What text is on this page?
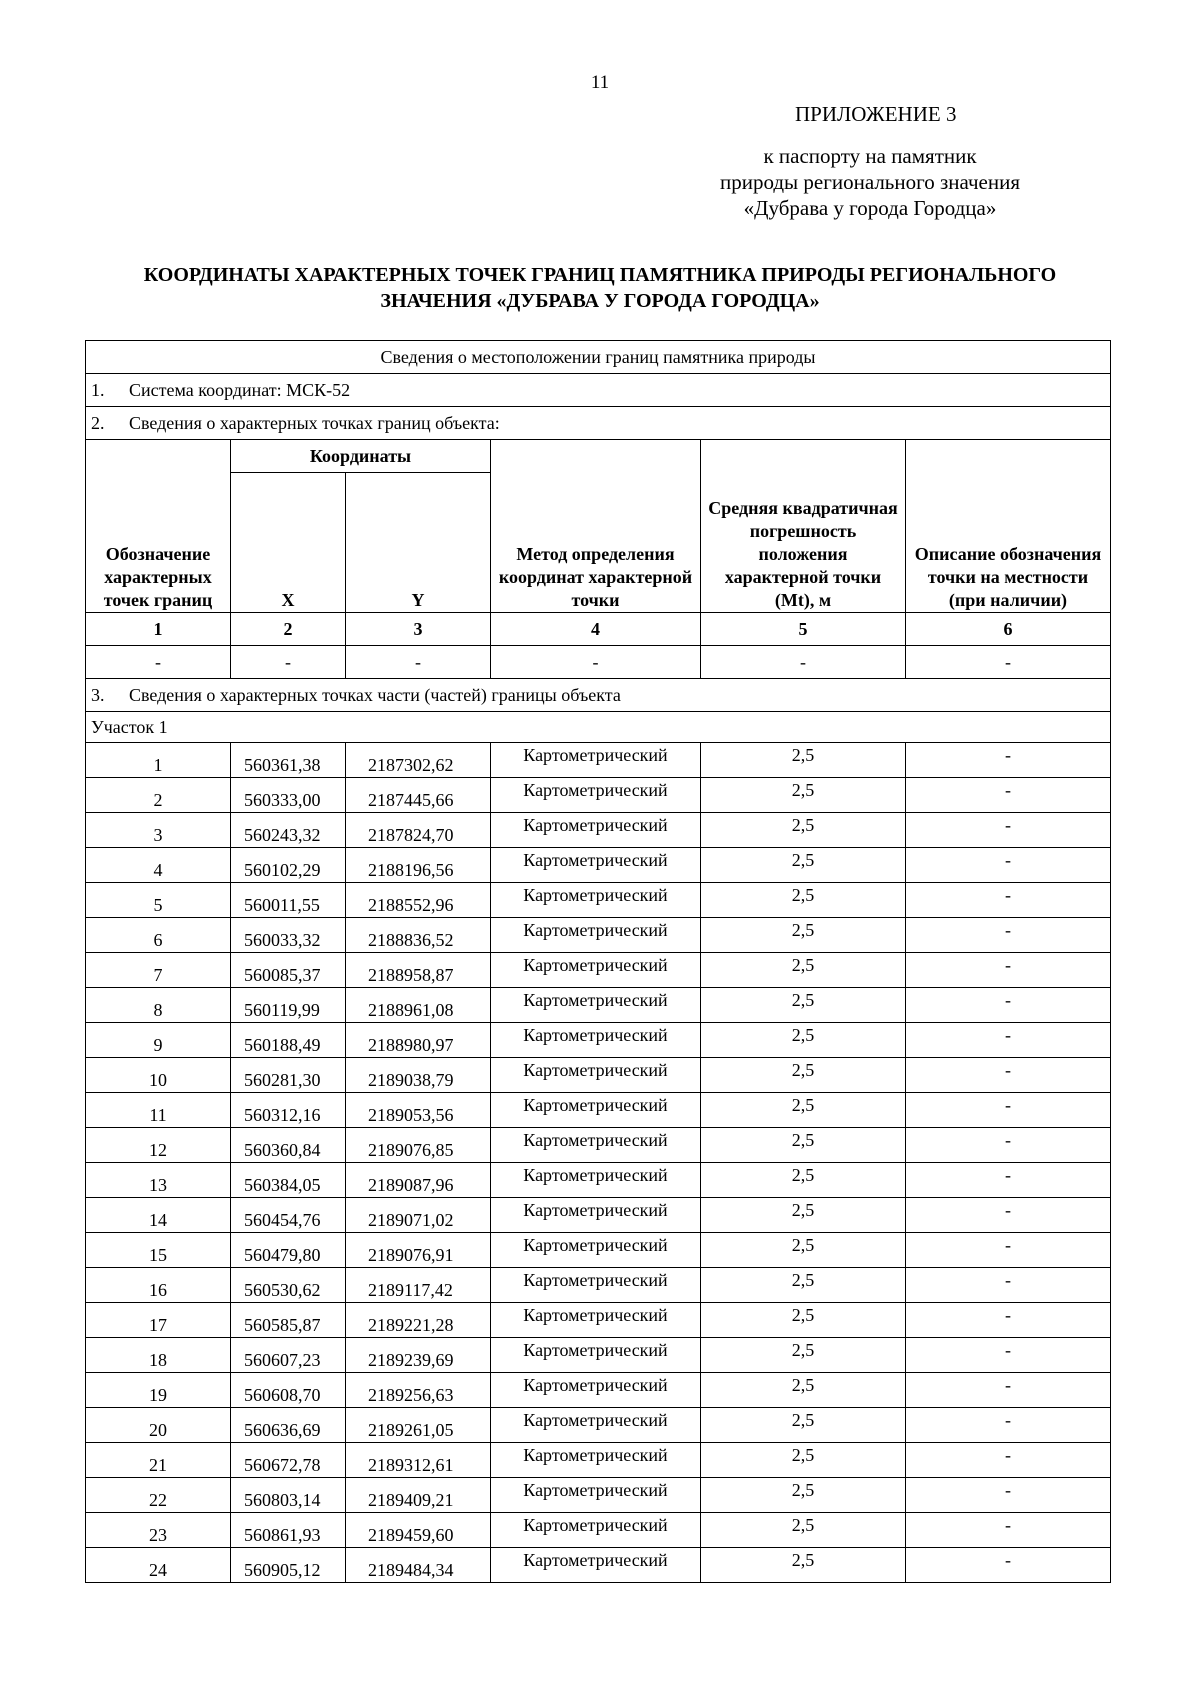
11
ПРИЛОЖЕНИЕ 3
к паспорту на памятник
природы регионального значения
«Дубрава у города Городца»
КООРДИНАТЫ ХАРАКТЕРНЫХ ТОЧЕК ГРАНИЦ ПАМЯТНИКА ПРИРОДЫ РЕГИОНАЛЬНОГО
ЗНАЧЕНИЯ «ДУБРАВА У ГОРОДА ГОРОДЦА»
Сведения о местоположении границ памятника природы					
1. Система координат: МСК-52					
2. Сведения о характерных точках границ объекта:					
Обозначение характерных точек границ	Координаты		Метод определения координат характерной точки	Средняя квадратичная погрешность положения характерной точки (Mt), м	Описание обозначения точки на местности (при наличии)
	X	Y			
1	2	3	4	5	6
-	-	-	-	-	-
3. Сведения о характерных точках части (частей) границы объекта					
Участок 1					
1	560361,38	2187302,62	Картометрический	2,5	-
2	560333,00	2187445,66	Картометрический	2,5	-
3	560243,32	2187824,70	Картометрический	2,5	-
4	560102,29	2188196,56	Картометрический	2,5	-
5	560011,55	2188552,96	Картометрический	2,5	-
6	560033,32	2188836,52	Картометрический	2,5	-
7	560085,37	2188958,87	Картометрический	2,5	-
8	560119,99	2188961,08	Картометрический	2,5	-
9	560188,49	2188980,97	Картометрический	2,5	-
10	560281,30	2189038,79	Картометрический	2,5	-
11	560312,16	2189053,56	Картометрический	2,5	-
12	560360,84	2189076,85	Картометрический	2,5	-
13	560384,05	2189087,96	Картометрический	2,5	-
14	560454,76	2189071,02	Картометрический	2,5	-
15	560479,80	2189076,91	Картометрический	2,5	-
16	560530,62	2189117,42	Картометрический	2,5	-
17	560585,87	2189221,28	Картометрический	2,5	-
18	560607,23	2189239,69	Картометрический	2,5	-
19	560608,70	2189256,63	Картометрический	2,5	-
20	560636,69	2189261,05	Картометрический	2,5	-
21	560672,78	2189312,61	Картометрический	2,5	-
22	560803,14	2189409,21	Картометрический	2,5	-
23	560861,93	2189459,60	Картометрический	2,5	-
24	560905,12	2189484,34	Картометрический	2,5	-
